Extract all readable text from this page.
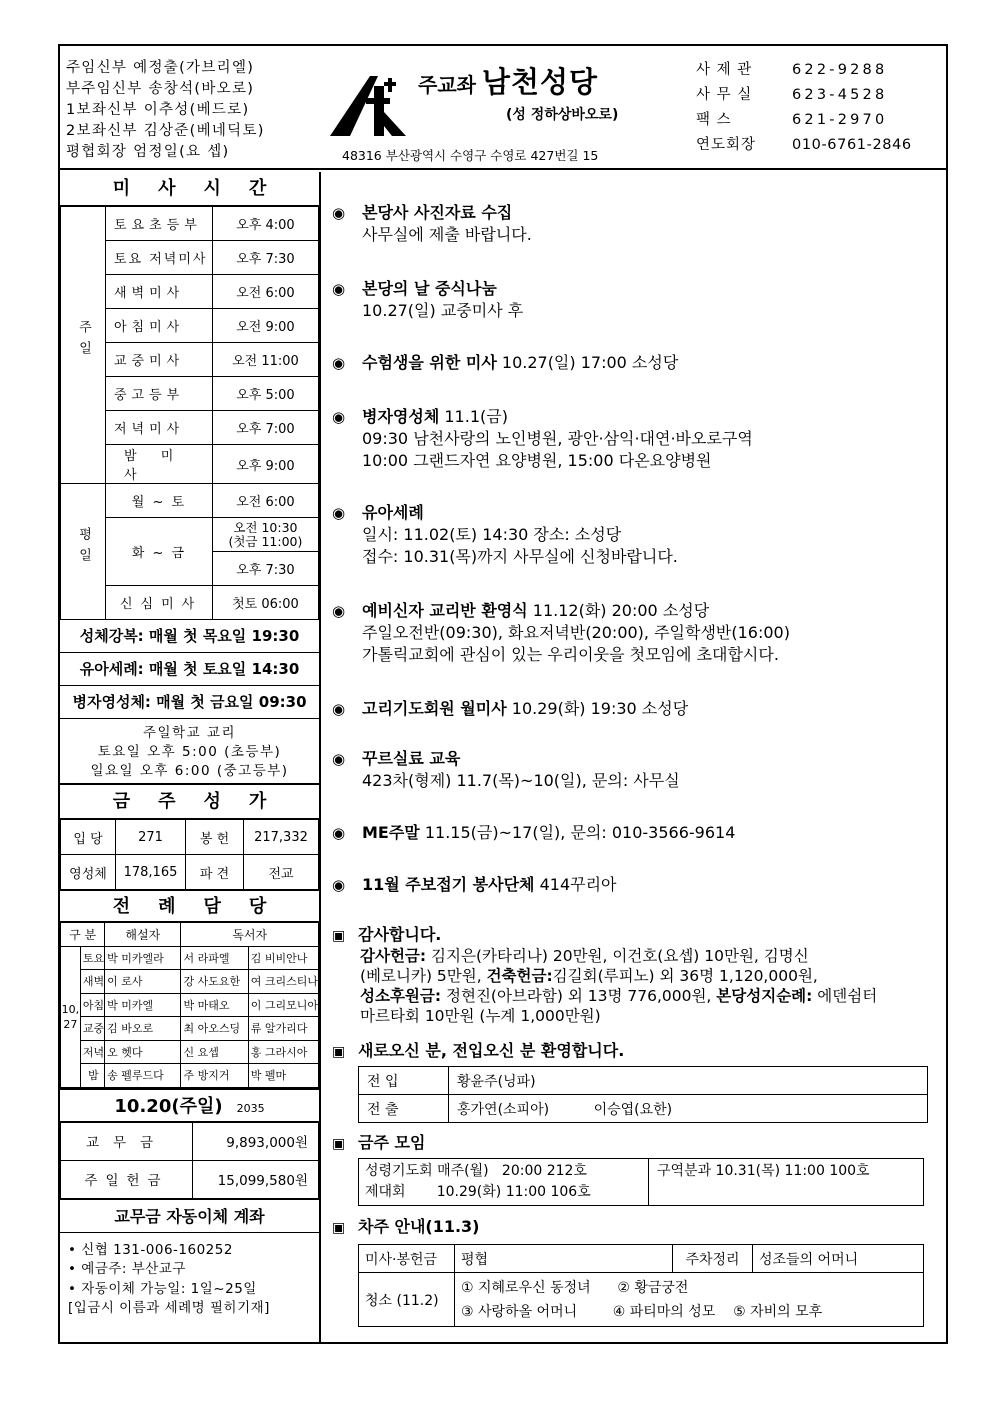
주임신부 예정출(가브리엘)
부주임신부 송창석(바오로)
1보좌신부 이추성(베드로)
2보좌신부 김상준(베네딕토)
평협회장 엄정일(요 셉)
주교좌 남천성당
(성 정하상바오로)
48316 부산광역시 수영구 수영로 427번길 15
사 제 관	622-9288
사 무 실	623-4528
팩 스	621-2970
연도회장	010-6761-2846
미사시간
주일	토요초등부	오후 4:00
	토요 저녁미사	오후 7:30
	새벽미사	오전 6:00
	아침미사	오전 9:00
	교중미사	오전 11:00
	중고등부	오후 5:00
	저녁미사	오후 7:00
	밤 미 사	오후 9:00
평일	월 ~ 토	오전 6:00
	화 ~ 금	오전 10:30
(첫금 11:00)

		오후 7:30
	신심미사	첫토 06:00
성체강복: 매월 첫 목요일 19:30
유아세례: 매월 첫 토요일 14:30
병자영성체: 매월 첫 금요일 09:30
주일학교 교리
토요일 오후 5:00 (초등부)
일요일 오후 6:00 (중고등부)
금주성가
입 당	271	봉 헌	217,332
영성체	178,165	파 견	전교
전례담당
구 분		해설자	독서자	
10, 27	토요	박 미카엘라	서 라파엘	김 비비안나
	새벽	이 로사	강 사도요한	여 크리스티나
	아침	박 미카엘	박 마태오	이 그리모니아
	교중	김 바오로	최 아오스딩	류 알가리다
	저녁	오 헷다	신 요셉	홍 그라시아
	밤	송 펠루드다	주 방지거	박 펠마
10.20(주일) 2035
교무금	9,893,000원
주일헌금	15,099,580원
교무금 자동이체 계좌
• 신협 131-006-160252
• 예금주: 부산교구
• 자동이체 가능일: 1일~25일
[입금시 이름과 세례명 필히기재]
◉ 본당사 사진자료 수집
사무실에 제출 바랍니다.
◉ 본당의 날 중식나눔
10.27(일) 교중미사 후
◉ 수험생을 위한 미사 10.27(일) 17:00 소성당
◉ 병자영성체 11.1(금)
09:30 남천사랑의 노인병원, 광안·삼익·대연·바오로구역
10:00 그랜드자연 요양병원, 15:00 다온요양병원
◉ 유아세례
일시: 11.02(토) 14:30 장소: 소성당
접수: 10.31(목)까지 사무실에 신청바랍니다.
◉ 예비신자 교리반 환영식 11.12(화) 20:00 소성당
주일오전반(09:30), 화요저녁반(20:00), 주일학생반(16:00)
가톨릭교회에 관심이 있는 우리이웃을 첫모임에 초대합시다.
◉ 고리기도회원 월미사 10.29(화) 19:30 소성당
◉ 꾸르실료 교육
423차(형제) 11.7(목)~10(일), 문의: 사무실
◉ ME주말 11.15(금)~17(일), 문의: 010-3566-9614
◉ 11월 주보접기 봉사단체 414꾸리아
▣ 감사합니다.
감사헌금: 김지은(카타리나) 20만원, 이건호(요셉) 10만원, 김명신
(베로니카) 5만원, 건축헌금:김길회(루피노) 외 36명 1,120,000원,
성소후원금: 정현진(아브라함) 외 13명 776,000원, 본당성지순례: 에덴쉼터
마르타회 10만원 (누계 1,000만원)
▣ 새로오신 분, 전입오신 분 환영합니다.
전 입	황윤주(닝파)
전 출	홍가연(소피아)          이승엽(요한)
▣ 금주 모임
성령기도회 매주(월)   20:00 212호
제대회       10.29(화) 11:00 106호
구역분과 10.31(목) 11:00 100호
▣ 차주 안내(11.3)
미사·봉헌금	평협	주차정리	성조들의 어머니
청소 (11.2)	① 지혜로우신 동정녀      ② 황금궁전
③ 사랑하올 어머니        ④ 파티마의 성모    ⑤ 자비의 모후		
